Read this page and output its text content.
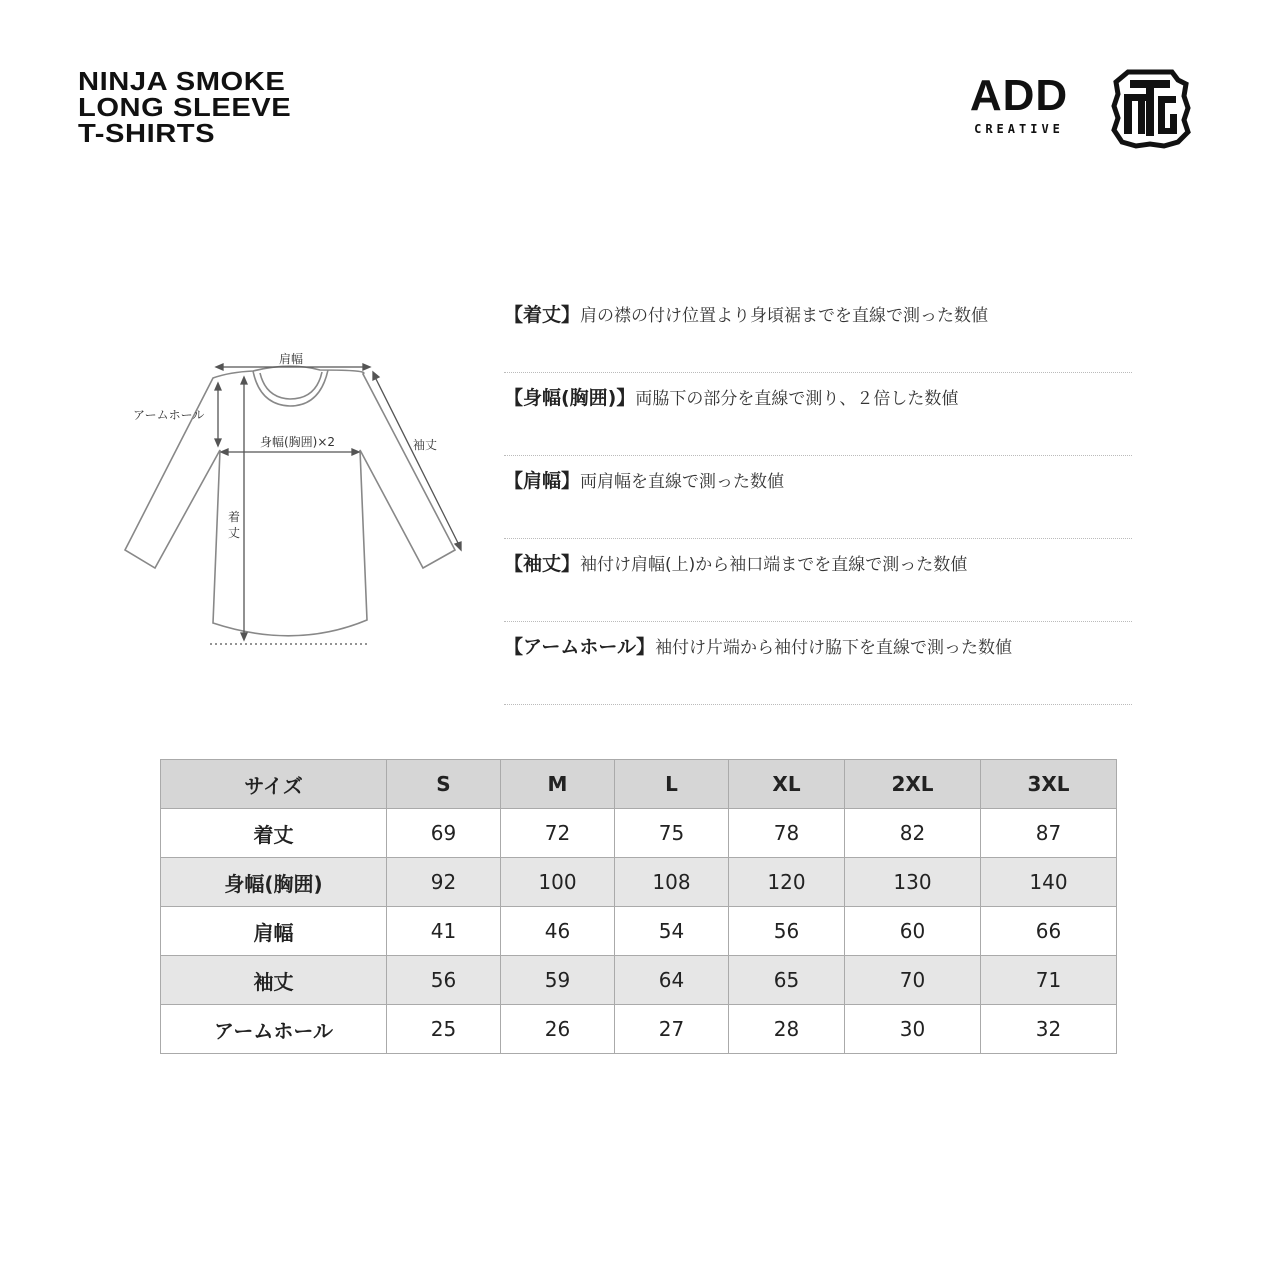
NINJA SMOKE
LONG SLEEVE
T-SHIRTS
ADD
CREATIVE
肩幅
アームホール
身幅(胸囲)×2	袖丈
着
丈
【着丈】肩の襟の付け位置より身頃裾までを直線で測った数値
【身幅(胸囲)】両脇下の部分を直線で測り、２倍した数値
【肩幅】両肩幅を直線で測った数値
【袖丈】袖付け肩幅(上)から袖口端までを直線で測った数値
【アームホール】袖付け片端から袖付け脇下を直線で測った数値
サイズ	S	M	L	XL	2XL	3XL
着丈	69	72	75	78	82	87
身幅(胸囲)	92	100	108	120	130	140
肩幅	41	46	54	56	60	66
袖丈	56	59	64	65	70	71
アームホール	25	26	27	28	30	32
